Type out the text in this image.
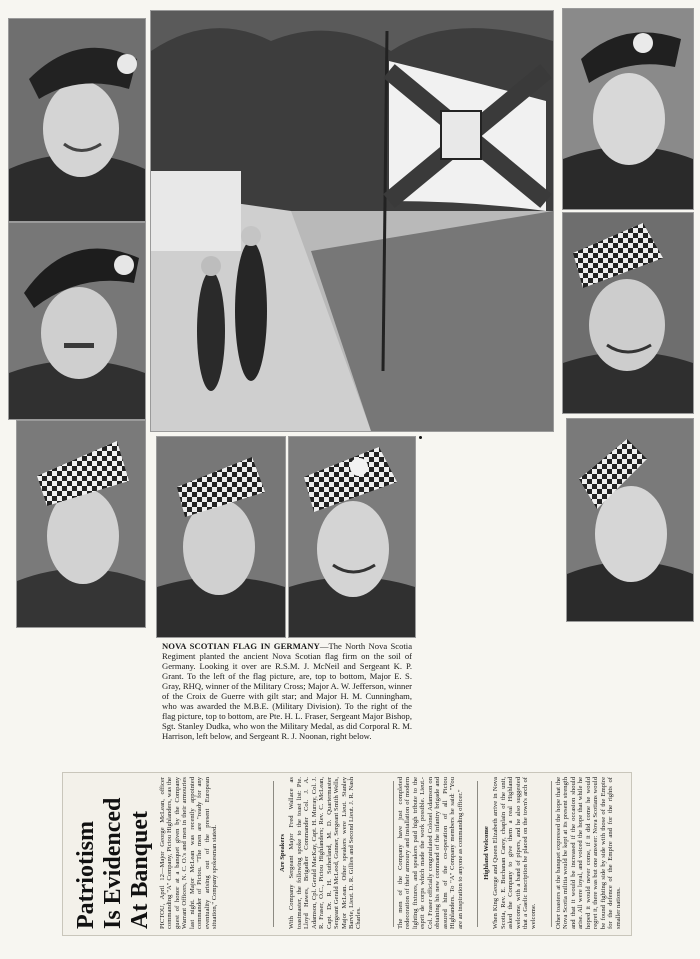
NOVA SCOTIAN FLAG IN GERMANY—The North Nova Scotia Regiment planted the ancient Nova Scotian flag firm on the soil of Germany. Looking it over are R.S.M. J. McNeil and Sergeant K. P. Grant. To the left of the flag picture, are, top to bottom, Major E. S. Gray, RHQ, winner of the Military Cross; Major A. W. Jefferson, winner of the Croix de Guerre with gilt star; and Major H. M. Cunningham, who was awarded the M.B.E. (Military Division). To the right of the flag picture, top to bottom, are Pte. H. L. Fraser, Sergeant Major Bishop, Sgt. Stanley Dudka, who won the Military Medal, as did Corporal R. M. Harrison, left below, and Sergeant R. J. Noonan, right below.
Patriotism Is Evidenced At Banquet PICTOU, April 12—Major George McLean, officer commanding "A" Company, Pictou Highlanders, was the guest of honor at a banquet given by the Company Warrant Officers, N. C. O.'s and men in their armouries last night. Major McLean was recently appointed commander of Pictou. "The men are "ready for any eventuality arising out of the present European situation," Company spokesman stated.	Are Speakers With Company Sergeant Major Fred Wallace as toastmaster, the following spoke to the toast list: Pte. Lloyd Hawes, Brigadier Commander Col. J. A. Adamson, Cpl. Gerald MacKay, Capt. H. Murray, Col. J. R. Fraser, O.C., Pictou Highlanders; Rev. C. McLean, Capt. Dr. R. H. Sutherland, M. D. Quartermaster Sergeant Gerald McLeod, Gunner, Sergeant Smith Wells, Major McLean. Other speakers were Lieut. Stanley Barvie, Lieut. D. R. Gillies and Second Lieut. J. R. Nash Charles.	The men of the Company have just completed redecoration of their armoury and installation of modern lighting fixtures, and speakers paid high tribute to the esprit de corps which made the work possible. Lieut.-Col. Fraser officially congratulated Colonel Adamson on obtaining his new command of the infantry brigade and assured him of the co-operation of all Pictou Highlanders. To "A" Company members he said: "You are an inspiration to anyone as commanding officer."	Highland Welcome When King George and Queen Elizabeth arrive in Nova Scotia, Rev. E. Buchanan Carey, chaplain of the unit, asked the Company to give them a real Highland welcome, with a band of pipers, and he also suggested that a Gaelic inscription be placed on the town's arch of welcome.	Other toasters at the banquet expressed the hope that the Nova Scotia militia would be kept at its present strength and that it would be increased if the occasion should arise. All were loyal, and voiced the hope that while he hoped it would never come, if it did come he would regret it, there was but one answer: Nova Scotians would be found fighting side by side with those of the Empire for the defence of the Empire and for the rights of smaller nations.
